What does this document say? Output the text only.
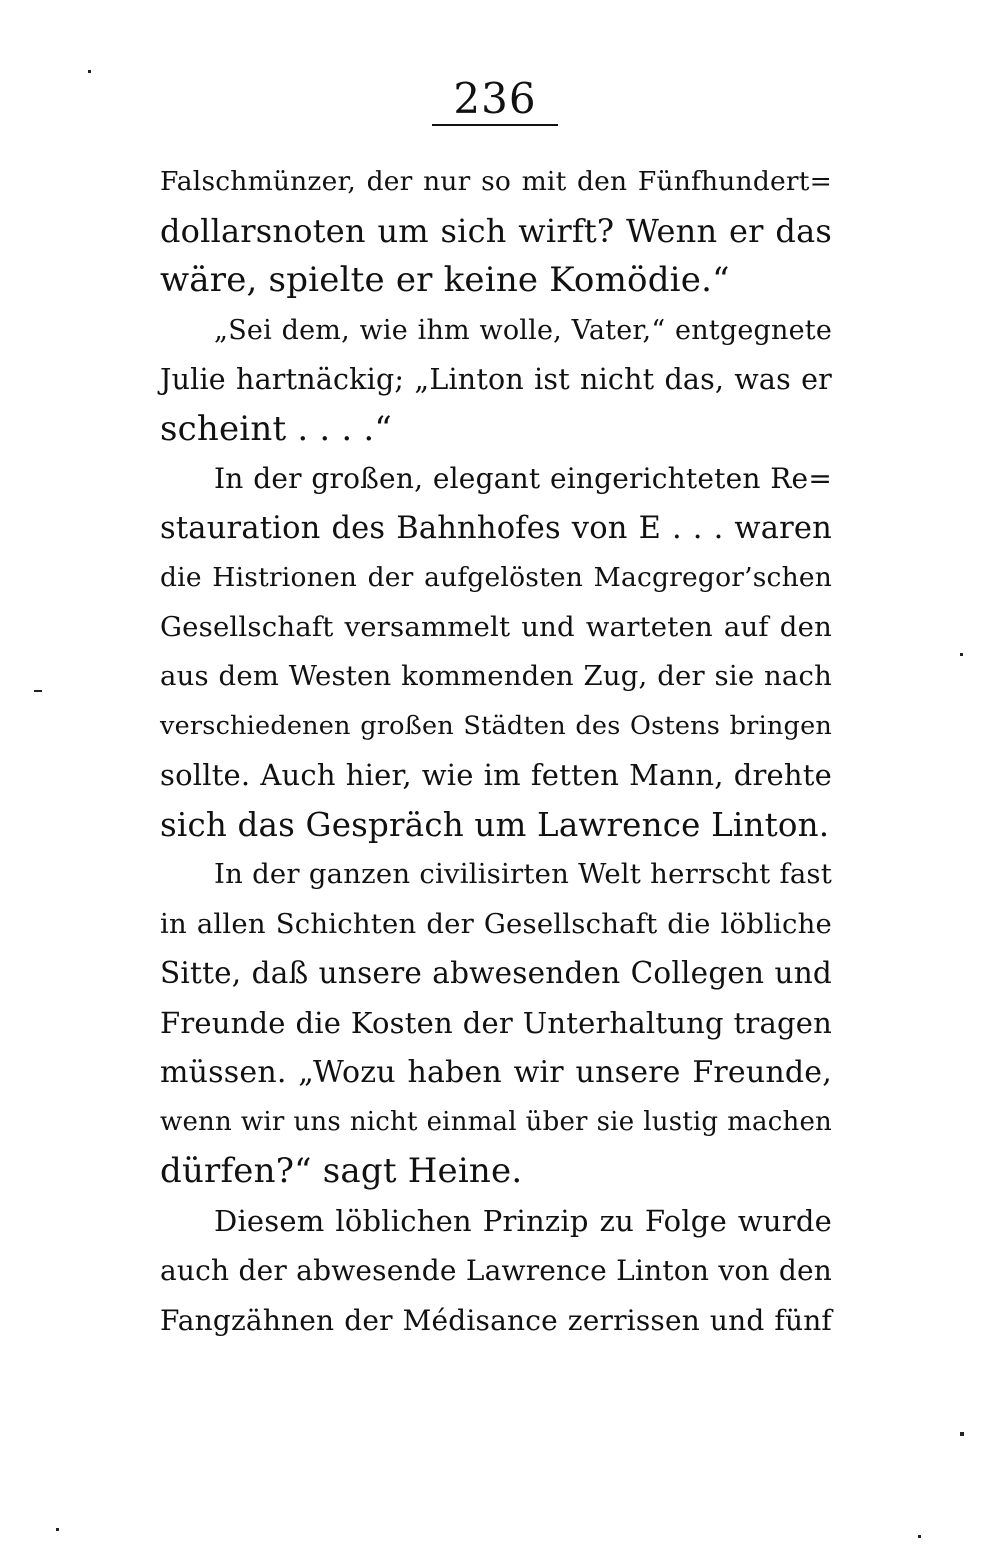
236
Falschmünzer, der nur so mit den Fünfhundert=
dollarsnoten um sich wirft? Wenn er das
wäre, spielte er keine Komödie.“
„Sei dem, wie ihm wolle, Vater,“ entgegnete
Julie hartnäckig; „Linton ist nicht das, was er
scheint . . . .“
In der großen, elegant eingerichteten Re=
stauration des Bahnhofes von E . . . waren
die Histrionen der aufgelösten Macgregor’schen
Gesellschaft versammelt und warteten auf den
aus dem Westen kommenden Zug, der sie nach
verschiedenen großen Städten des Ostens bringen
sollte. Auch hier, wie im fetten Mann, drehte
sich das Gespräch um Lawrence Linton.
In der ganzen civilisirten Welt herrscht fast
in allen Schichten der Gesellschaft die löbliche
Sitte, daß unsere abwesenden Collegen und
Freunde die Kosten der Unterhaltung tragen
müssen. „Wozu haben wir unsere Freunde,
wenn wir uns nicht einmal über sie lustig machen
dürfen?“ sagt Heine.
Diesem löblichen Prinzip zu Folge wurde
auch der abwesende Lawrence Linton von den
Fangzähnen der Médisance zerrissen und fünf
